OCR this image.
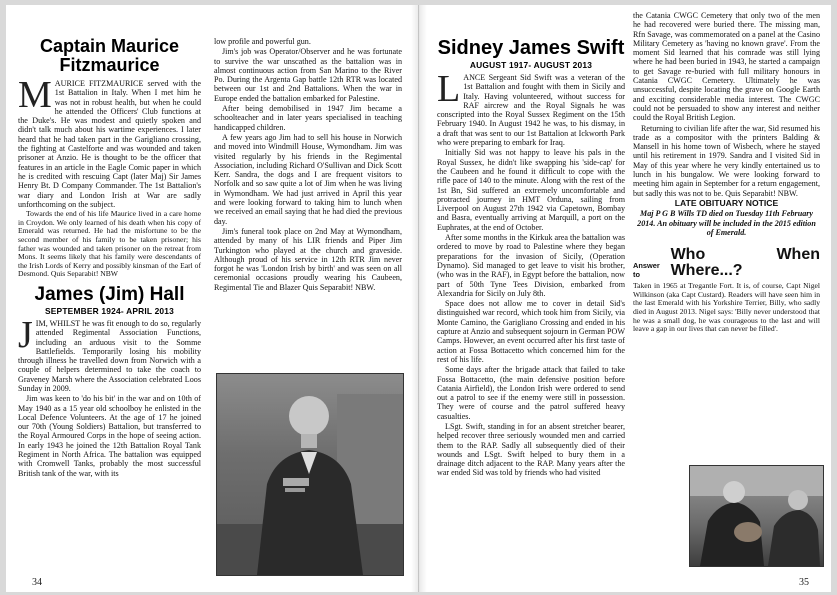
Captain Maurice Fitzmaurice

MAURICE FITZMAURICE served with the 1st Battalion in Italy. When I met him he was not in robust health, but when he could he attended the Officers' Club functions at the Duke's. He was modest and quietly spoken and didn't talk much about his wartime experiences. I later heard that he had taken part in the Garigliano crossing, the fighting at Castelforte and was wounded and taken prisoner at Anzio. He is thought to be the officer that features in an article in the Eagle Comic paper in which he is credited with rescuing Capt (later Maj) Sir James Henry Bt. D Company Commander. The 1st Battalion's war diary and London Irish at War are sadly unforthcoming on the subject.

Towards the end of his life Maurice lived in a care home in Croydon. We only learned of his death when his copy of Emerald was returned. He had the misfortune to be the second member of his family to be taken prisoner; his father was wounded and taken prisoner on the retreat from Mons. It seems likely that his family were descendants of the Irish Lords of Kerry and possibly kinsman of the Earl of Desmond. Quis Separabit! NBW

James (Jim) Hall
SEPTEMBER 1924- APRIL 2013

JIM, WHILST he was fit enough to do so, regularly attended Regimental Association Functions, including an arduous visit to the Somme Battlefields. Temporarily losing his mobility through illness he travelled down from Norwich with a couple of helpers determined to take the coach to Graveney Marsh where the Association celebrated Loos Sunday in 2009.

Jim was keen to 'do his bit' in the war and on 10th of May 1940 as a 15 year old schoolboy he enlisted in the Local Defence Volunteers. At the age of 17 he joined our 70th (Young Soldiers) Battalion, but transferred to the Royal Armoured Corps in the hope of seeing action. In early 1943 he joined the 12th Battalion Royal Tank Regiment in North Africa. The battalion was equipped with Cromwell Tanks, probably the most successful British tank of the war, with its

low profile and powerful gun.

Jim's job was Operator/Observer and he was fortunate to survive the war unscathed as the battalion was in almost continuous action from San Marino to the River Po. During the Argenta Gap battle 12th RTR was located between our 1st and 2nd Battalions. When the war in Europe ended the battalion embarked for Palestine.

After being demobilised in 1947 Jim became a schoolteacher and in later years specialised in teaching handicapped children.

A few years ago Jim had to sell his house in Norwich and moved into Windmill House, Wymondham. Jim was visited regularly by his friends in the Regimental Association, including Richard O'Sullivan and Dick Scott Kerr. Sandra, the dogs and I are frequent visitors to Norfolk and so saw quite a lot of Jim when he was living in Wymondham. We had just arrived in April this year and were looking forward to taking him to lunch when we received an email saying that he had died the previous day.

Jim's funeral took place on 2nd May at Wymondham, attended by many of his LIR friends and Piper Jim Turkington who played at the church and graveside. Although proud of his service in 12th RTR Jim never forgot he was 'London Irish by birth' and was seen on all ceremonial occasions proudly wearing his Caubeen, Regimental Tie and Blazer Quis Separabit! NBW.

34
Sidney James Swift
AUGUST 1917- AUGUST 2013

LANCE Sergeant Sid Swift was a veteran of the 1st Battalion and fought with them in Sicily and Italy. Having volunteered, without success for RAF aircrew and the Royal Signals he was conscripted into the Royal Sussex Regiment on the 15th February 1940. In August 1942 he was, to his dismay, in a draft that was sent to our 1st Battalion at Ickworth Park who were preparing to embark for Iraq.

Initially Sid was not happy to leave his pals in the Royal Sussex, he didn't like swapping his 'side-cap' for the Caubeen and he found it difficult to cope with the rifle pace of 140 to the minute. Along with the rest of the 1st Bn, Sid suffered an extremely uncomfortable and protracted journey in HMT Orduna, sailing from Liverpool on August 27th 1942 via Capetown, Bombay and Basra, eventually arriving at Marquill, a port on the Euphrates, at the end of October.

After some months in the Kirkuk area the battalion was ordered to move by road to Palestine where they began preparations for the invasion of Sicily, (Operation Dynamo). Sid managed to get leave to visit his brother, (who was in the RAF), in Egypt before the battalion, now part of 50th Tyne Tees Division, embarked from Alexandria for Sicily on July 8th.

Space does not allow me to cover in detail Sid's distinguished war record, which took him from Sicily, via Monte Camino, the Garigliano Crossing and ended in his capture at Anzio and subsequent sojourn in German POW Camps. However, an event occurred after his first taste of action at Fossa Bottacetto which concerned him for the rest of his life.

Some days after the brigade attack that failed to take Fossa Bottacetto, (the main defensive position before Catania Airfield), the London Irish were ordered to send out a patrol to see if the enemy were still in possession. They were of course and the patrol suffered heavy casualties.

LSgt. Swift, standing in for an absent stretcher bearer, helped recover three seriously wounded men and carried them to the RAP. Sadly all subsequently died of their wounds and LSgt. Swift helped to bury them in a drainage ditch adjacent to the RAP. Many years after the war ended Sid was told by friends who had visited

the Catania CWGC Cemetery that only two of the men he had recovered were buried there. The missing man, Rfn Savage, was commemorated on a panel at the Casino Military Cemetery as 'having no known grave'. From the moment Sid learned that his comrade was still lying where he had been buried in 1943, he started a campaign to get Savage re-buried with full military honours in Catania CWGC Cemetery. Ultimately he was unsuccessful, despite locating the grave on Google Earth and exciting considerable media interest. The CWGC could not be persuaded to show any interest and neither could the Royal British Legion.

Returning to civilian life after the war, Sid resumed his trade as a compositor with the printers Balding & Mansell in his home town of Wisbech, where he stayed until his retirement in 1979. Sandra and I visited Sid in May of this year where he very kindly entertained us to lunch in his bungalow. We were looking forward to meeting him again in September for a return engagement, but sadly this was not to be. Quis Separabit! NBW.

LATE OBITUARY NOTICE
Maj P G B Wills TD died on Tuesday 11th February 2014. An obituary will be included in the 2015 edition of Emerald.
Answer to
Who When Where...?

Taken in 1965 at Tregantle Fort. It is, of course, Capt Nigel Wilkinson (aka Capt Custard). Readers will have seen him in the last Emerald with his Yorkshire Terrier, Billy, who sadly died in August 2013. Nigel says: 'Billy never understood that he was a small dog, he was courageous to the last and will leave a gap in our lives that can never be filled'.

35
